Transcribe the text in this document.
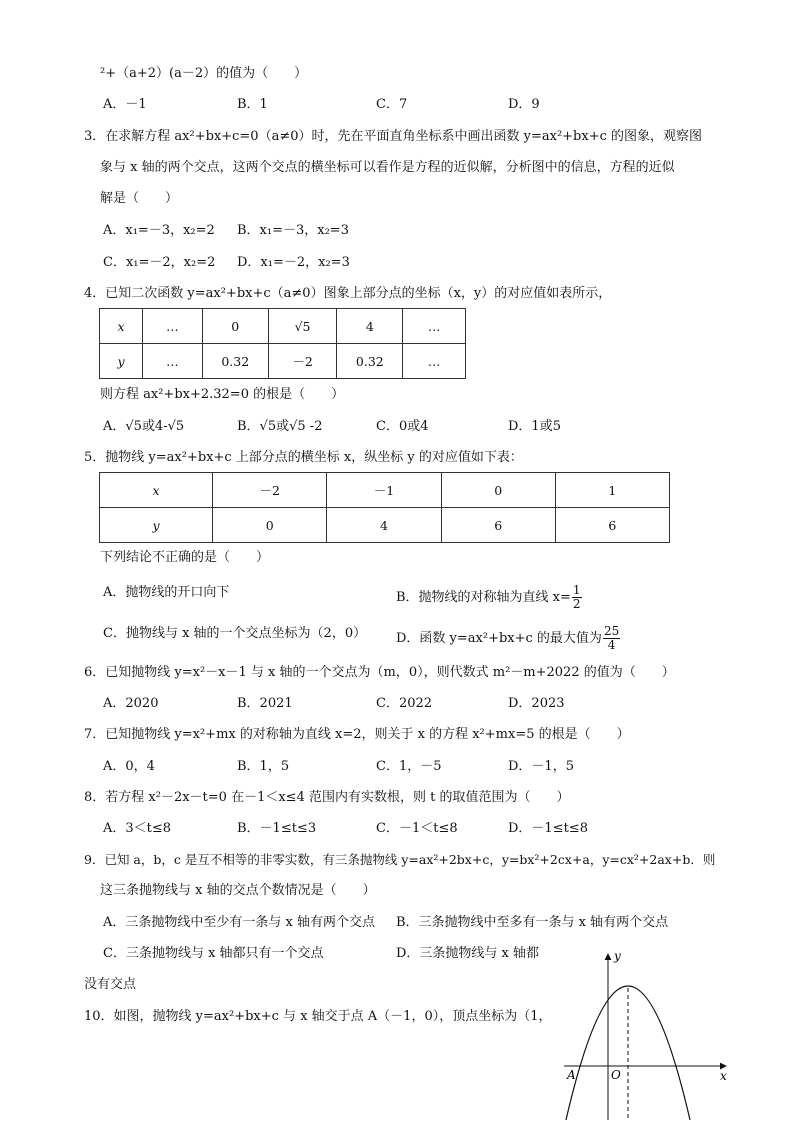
²+（a+2）(a－2）的值为（　　）
A．－1	B．1	C．7	D．9
3．在求解方程 ax²+bx+c=0（a≠0）时，先在平面直角坐标系中画出函数 y=ax²+bx+c 的图象，观察图
象与 x 轴的两个交点，这两个交点的横坐标可以看作是方程的近似解，分析图中的信息，方程的近似
解是（　　）
A．x₁=－3，x₂=2 B．x₁=－3，x₂=3
C．x₁=－2，x₂=2 D．x₁=－2，x₂=3
4．已知二次函数 y=ax²+bx+c（a≠0）图象上部分点的坐标（x，y）的对应值如表所示，
x	…	0	√5	4	…
y	…	0.32	－2	0.32	…
则方程 ax²+bx+2.32=0 的根是（　　）
A．√5或4-√5	B．√5或√5 -2	C．0或4	D．1或5
5．抛物线 y=ax²+bx+c 上部分点的横坐标 x，纵坐标 y 的对应值如下表：
x	－2	－1	0	1
y	0	4	6	6
下列结论不正确的是（　　）
A．抛物线的开口向下	B．抛物线的对称轴为直线 $x= \frac{1}{2}$
C．抛物线与 x 轴的一个交点坐标为（2，0） D．函数 y=ax²+bx+c 的最大值为 $\frac{25}{4}$
6．已知抛物线 y=x²－x－1 与 x 轴的一个交点为（m，0），则代数式 m²－m+2022 的值为（　　）
A．2020	B．2021	C．2022	D．2023
7．已知抛物线 y=x²+mx 的对称轴为直线 x=2，则关于 x 的方程 x²+mx=5 的根是（　　）
A．0，4	B．1，5	C．1，－5	D．－1，5
8．若方程 x²－2x－t=0 在－1＜x≤4 范围内有实数根，则 t 的取值范围为（　　）
A．3＜t≤8	B．－1≤t≤3	C．－1＜t≤8	D．－1≤t≤8
9．已知 a，b，c 是互不相等的非零实数，有三条抛物线 y=ax²+2bx+c，y=bx²+2cx+a，y=cx²+2ax+b．则
这三条抛物线与 x 轴的交点个数情况是（　　）
A．三条抛物线中至少有一条与 x 轴有两个交点 B．三条抛物线中至多有一条与 x 轴有两个交点
C．三条抛物线与 x 轴都只有一个交点	D．三条抛物线与 x 轴都
没有交点
10．如图，抛物线 y=ax²+bx+c 与 x 轴交于点 A（－1，0），顶点坐标为（1，
y
x
A	O
